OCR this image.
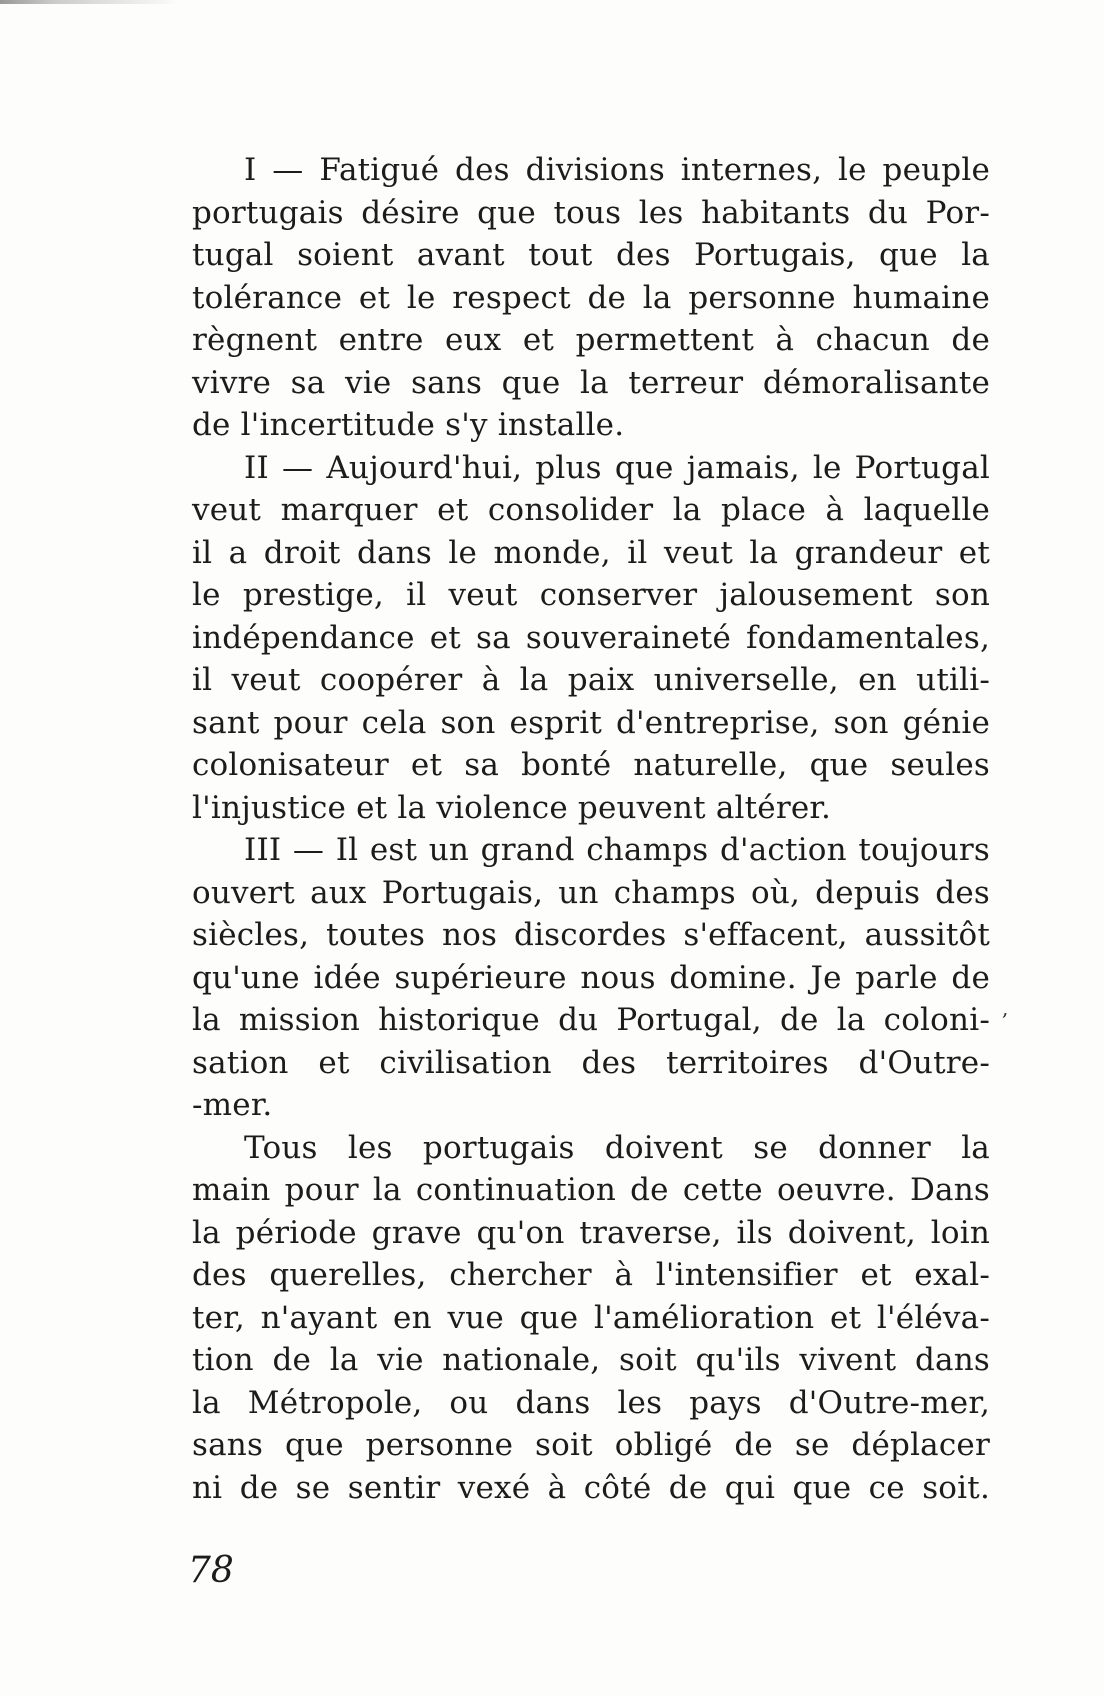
I — Fatigué des divisions internes, le peuple
portugais désire que tous les habitants du Por-
tugal soient avant tout des Portugais, que la
tolérance et le respect de la personne humaine
règnent entre eux et permettent à chacun de
vivre sa vie sans que la terreur démoralisante
de l'incertitude s'y installe.
II — Aujourd'hui, plus que jamais, le Portugal
veut marquer et consolider la place à laquelle
il a droit dans le monde, il veut la grandeur et
le prestige, il veut conserver jalousement son
indépendance et sa souveraineté fondamentales,
il veut coopérer à la paix universelle, en utili-
sant pour cela son esprit d'entreprise, son génie
colonisateur et sa bonté naturelle, que seules
l'injustice et la violence peuvent altérer.
III — Il est un grand champs d'action toujours
ouvert aux Portugais, un champs où, depuis des
siècles, toutes nos discordes s'effacent, aussitôt
qu'une idée supérieure nous domine. Je parle de
la mission historique du Portugal, de la coloni-
sation et civilisation des territoires d'Outre-
-mer.
Tous les portugais doivent se donner la
main pour la continuation de cette oeuvre. Dans
la période grave qu'on traverse, ils doivent, loin
des querelles, chercher à l'intensifier et exal-
ter, n'ayant en vue que l'amélioration et l'éléva-
tion de la vie nationale, soit qu'ils vivent dans
la Métropole, ou dans les pays d'Outre-mer,
sans que personne soit obligé de se déplacer
ni de se sentir vexé à côté de qui que ce soit.
,
78
